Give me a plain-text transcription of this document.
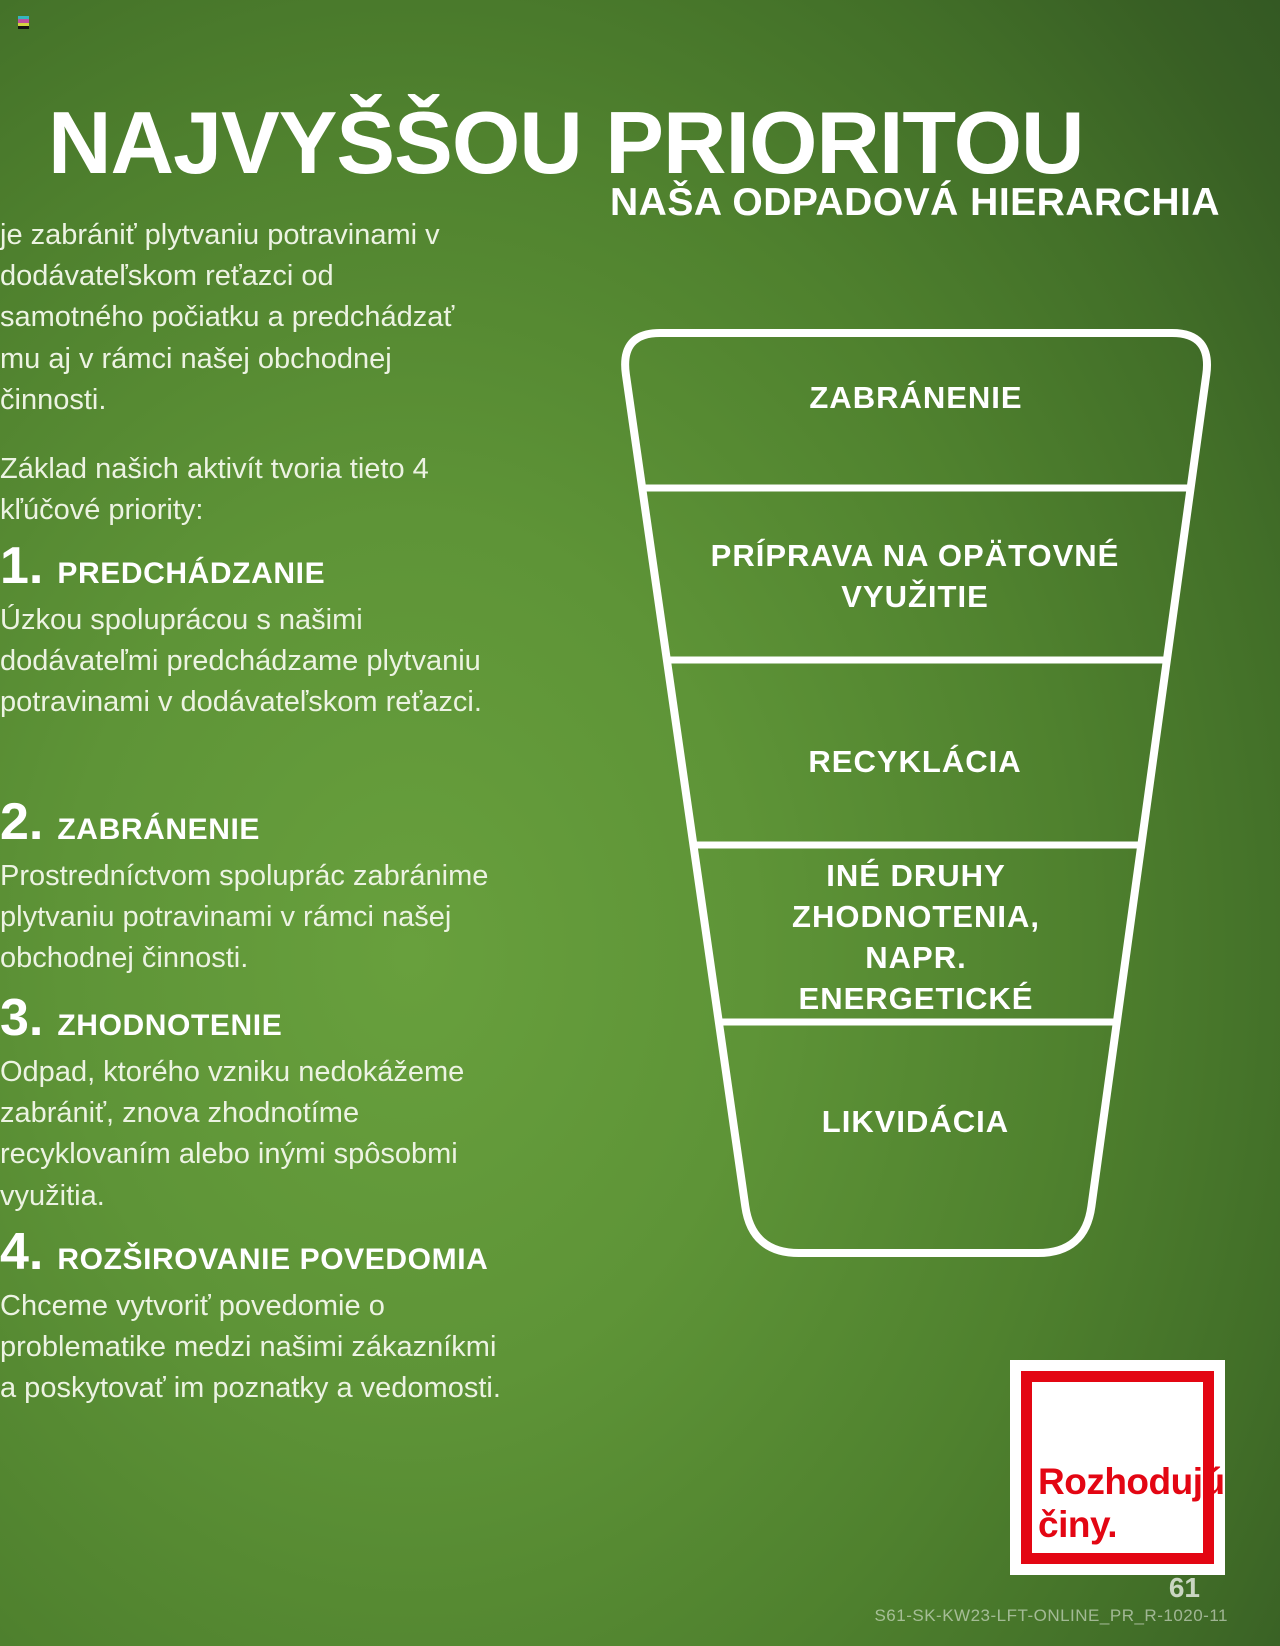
NAJVYŠŠOU PRIORITOU

je zabrániť plytvaniu potravinami v dodávateľskom reťazci od samotného počiatku a predchádzať mu aj v rámci našej obchodnej činnosti.

Základ našich aktivít tvoria tieto 4 kľúčové priority:

1. PREDCHÁDZANIE
Úzkou spoluprácou s našimi dodávateľmi predchádzame plytvaniu potravinami v dodávateľskom reťazci.
2. ZABRÁNENIE
Prostredníctvom spoluprác zabránime plytvaniu potravinami v rámci našej obchodnej činnosti.
3. ZHODNOTENIE
Odpad, ktorého vzniku nedokážeme zabrániť, znova zhodnotíme recyklovaním alebo inými spôsobmi využitia.
4. ROZŠIROVANIE POVEDOMIA
Chceme vytvoriť povedomie o problematike medzi našimi zákazníkmi a poskytovať im poznatky a vedomosti.
NAŠA ODPADOVÁ HIERARCHIA
ZABRÁNENIE
PRÍPRAVA NA OPÄTOVNÉ VYUŽITIE
RECYKLÁCIA
INÉ DRUHY ZHODNOTENIA, NAPR. ENERGETICKÉ
LIKVIDÁCIA
Rozhodujú
činy.
61
S61-SK-KW23-LFT-ONLINE_PR_R-1020-11
